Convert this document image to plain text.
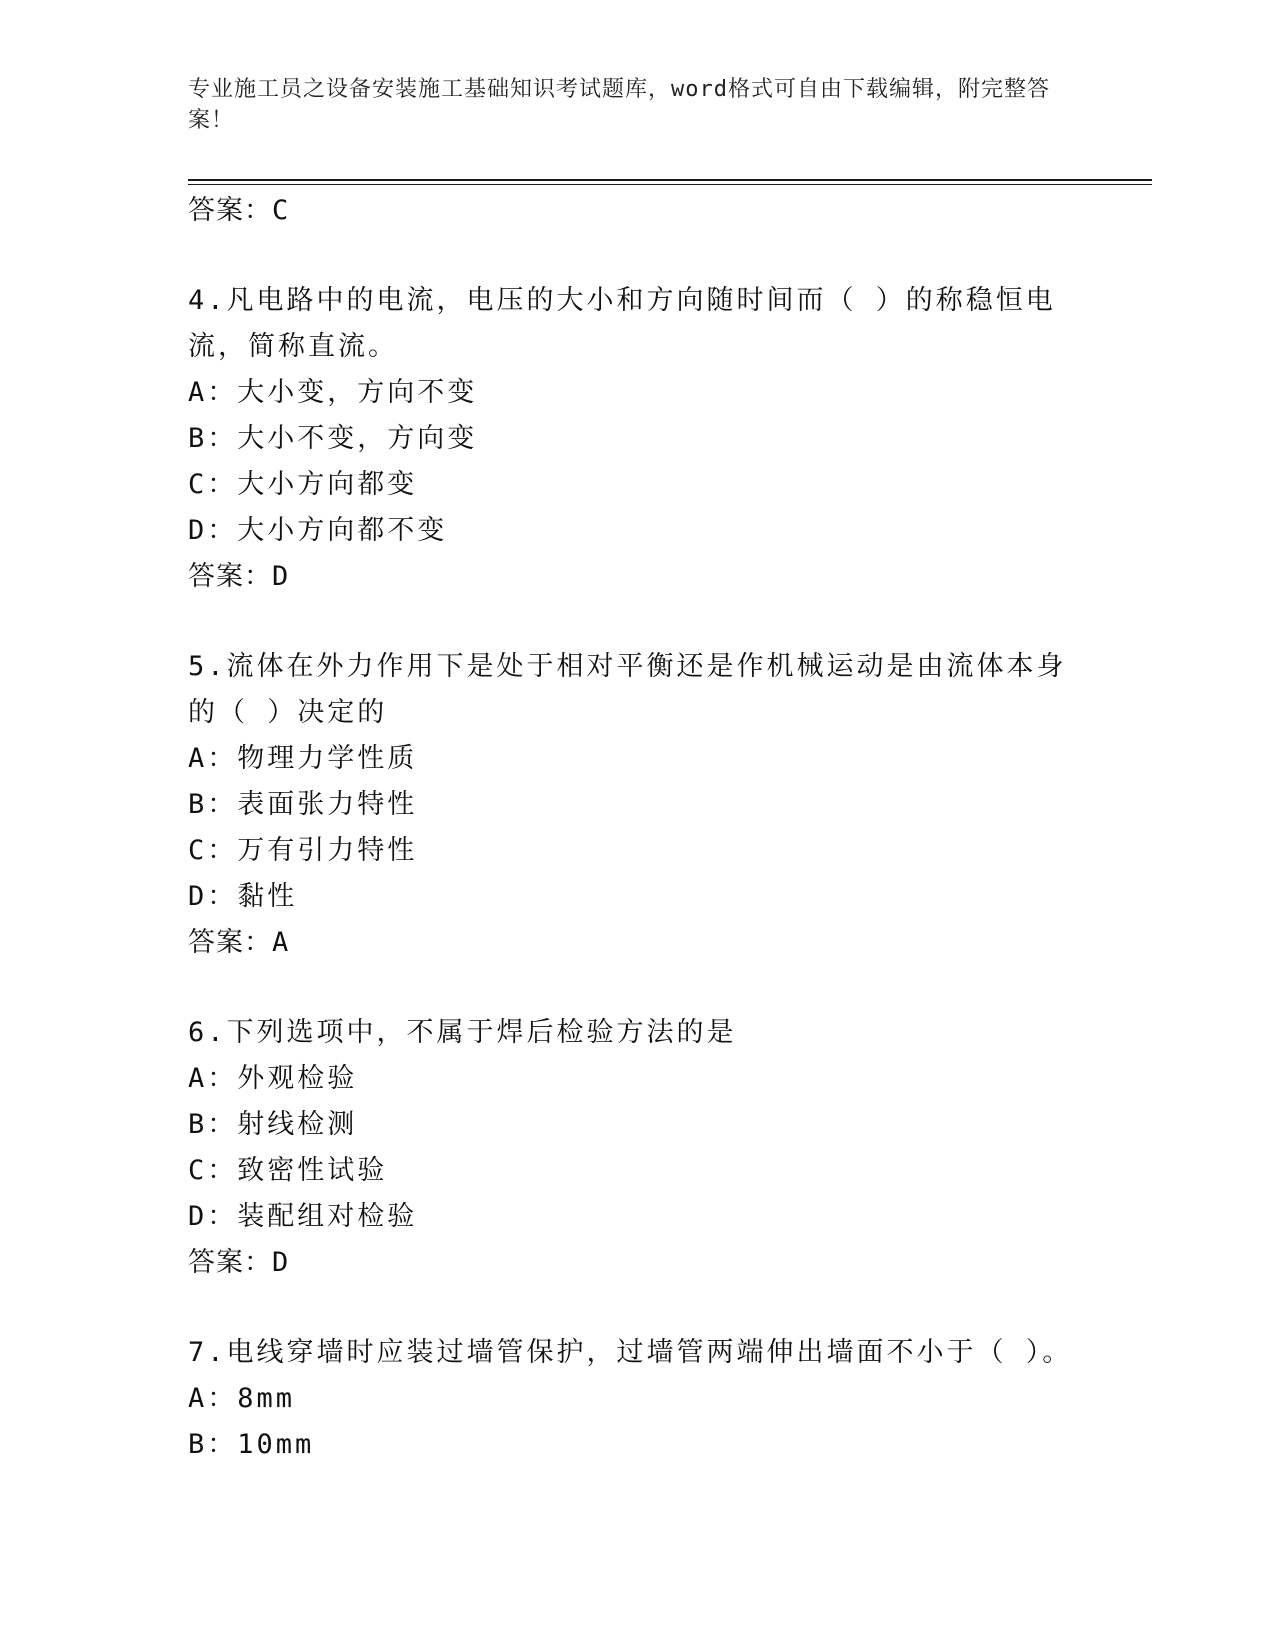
专业施工员之设备安装施工基础知识考试题库，word格式可自由下载编辑，附完整答案！
答案：C
4.凡电路中的电流，电压的大小和方向随时间而（ ）的称稳恒电流，简称直流。
A：大小变，方向不变
B：大小不变，方向变
C：大小方向都变
D：大小方向都不变
答案：D
5.流体在外力作用下是处于相对平衡还是作机械运动是由流体本身的（ ）决定的
A：物理力学性质
B：表面张力特性
C：万有引力特性
D：黏性
答案：A
6.下列选项中，不属于焊后检验方法的是
A：外观检验
B：射线检测
C：致密性试验
D：装配组对检验
答案：D
7.电线穿墙时应装过墙管保护，过墙管两端伸出墙面不小于（ ）。
A：8mm
B：10mm
